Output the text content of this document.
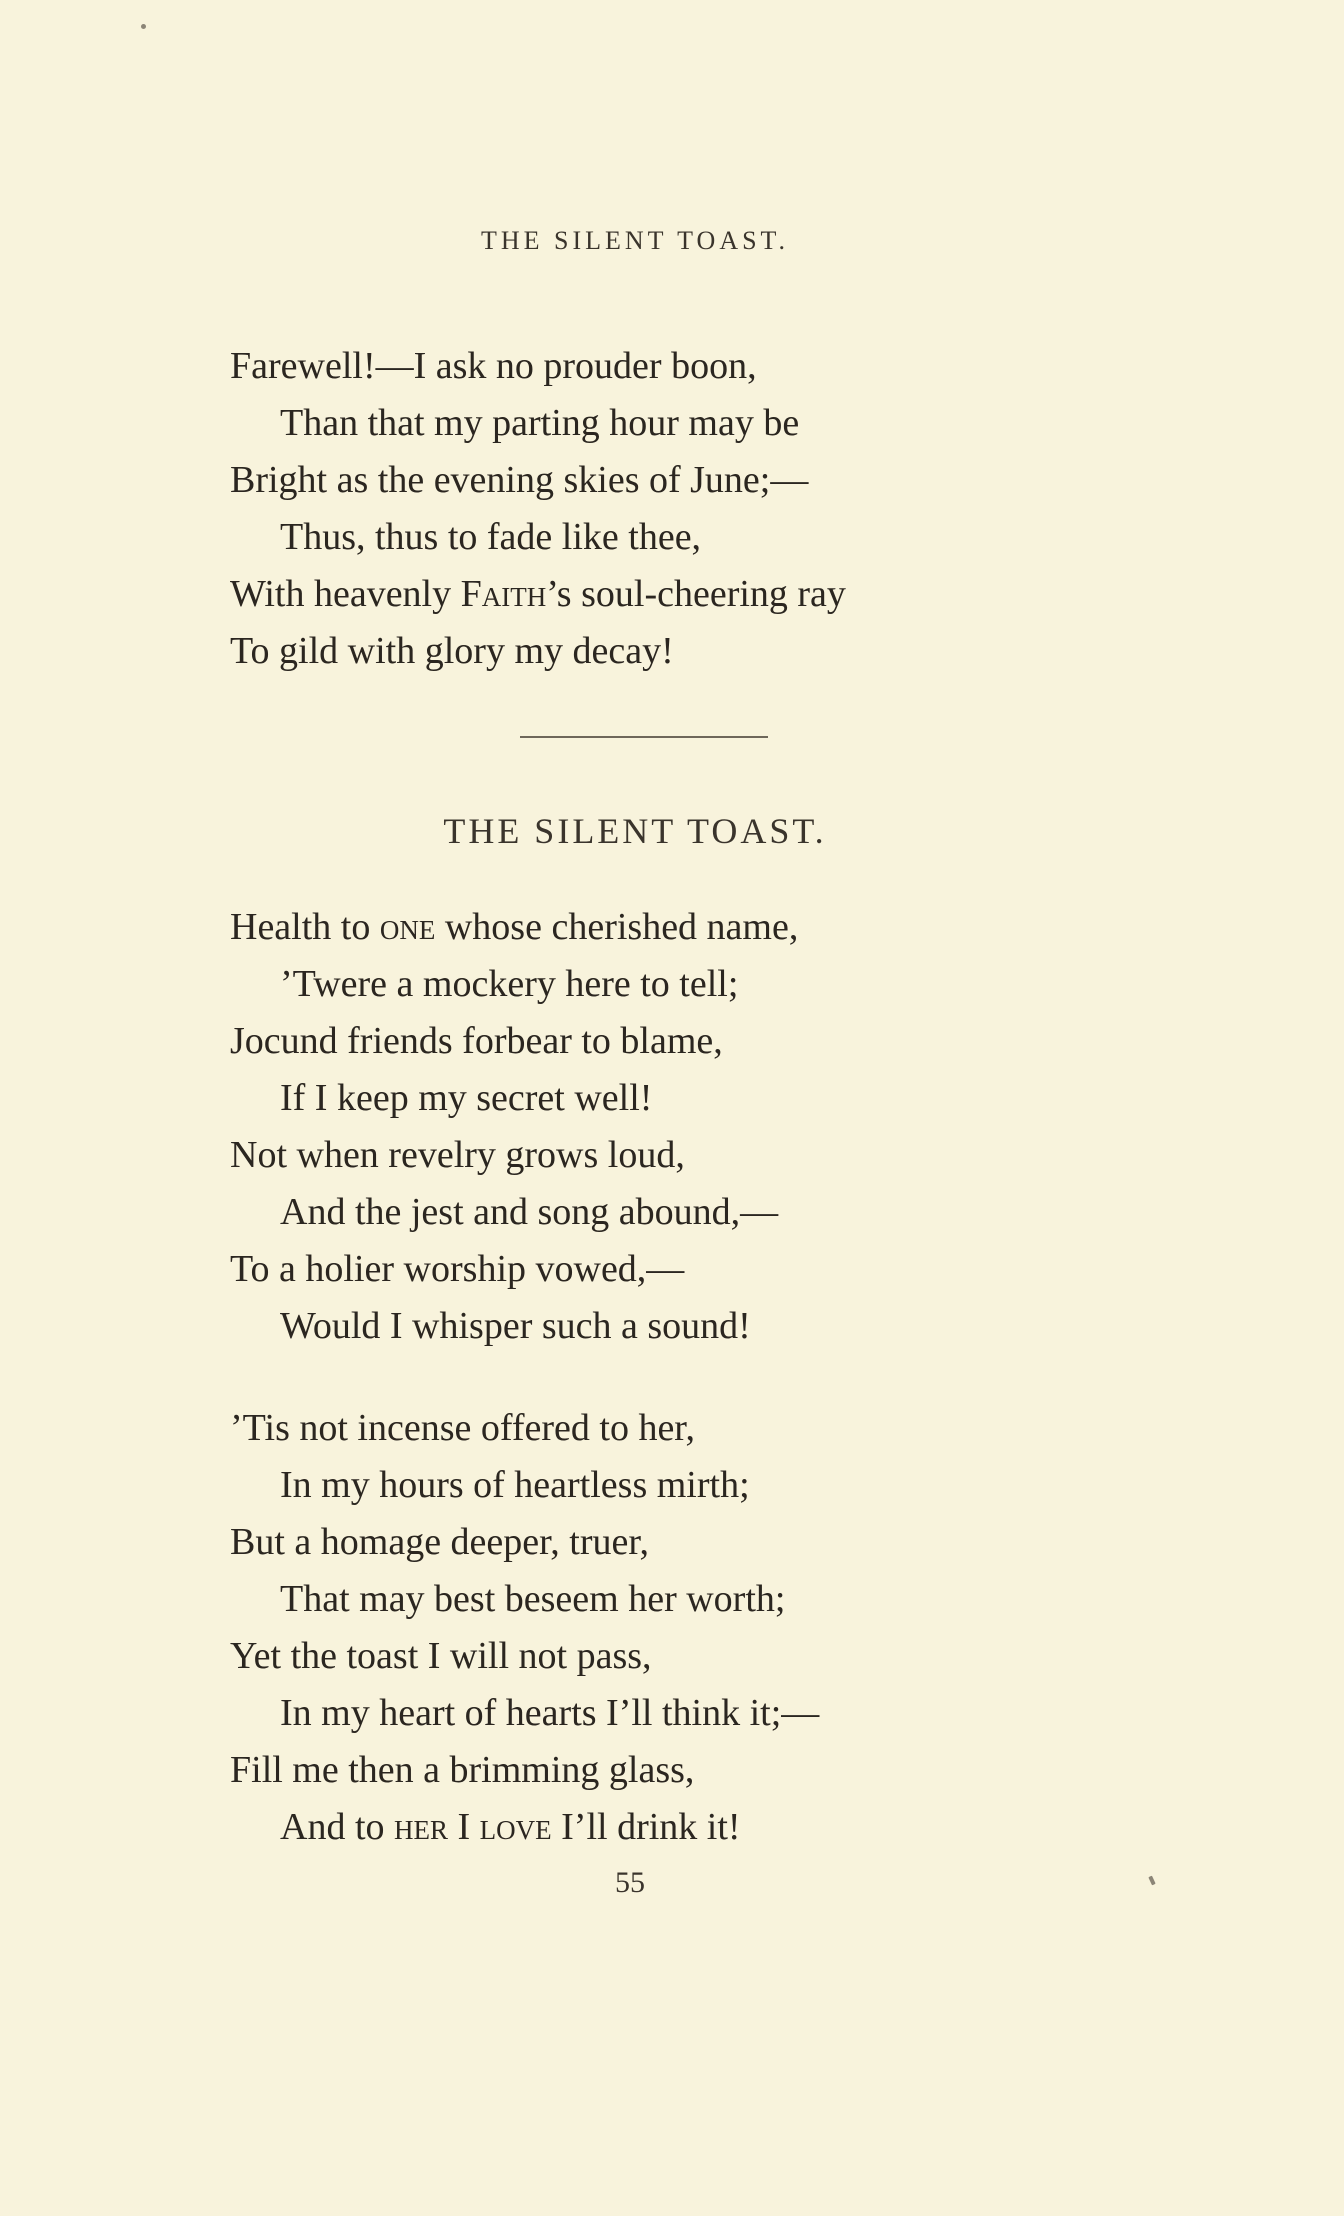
THE SILENT TOAST.
Farewell!—I ask no prouder boon,
Than that my parting hour may be
Bright as the evening skies of June;—
Thus, thus to fade like thee,
With heavenly Faith’s soul-cheering ray
To gild with glory my decay!
THE SILENT TOAST.
Health to one whose cherished name,
’Twere a mockery here to tell;
Jocund friends forbear to blame,
If I keep my secret well!
Not when revelry grows loud,
And the jest and song abound,—
To a holier worship vowed,—
Would I whisper such a sound!
’Tis not incense offered to her,
In my hours of heartless mirth;
But a homage deeper, truer,
That may best beseem her worth;
Yet the toast I will not pass,
In my heart of hearts I’ll think it;—
Fill me then a brimming glass,
And to her I love I’ll drink it!
55
